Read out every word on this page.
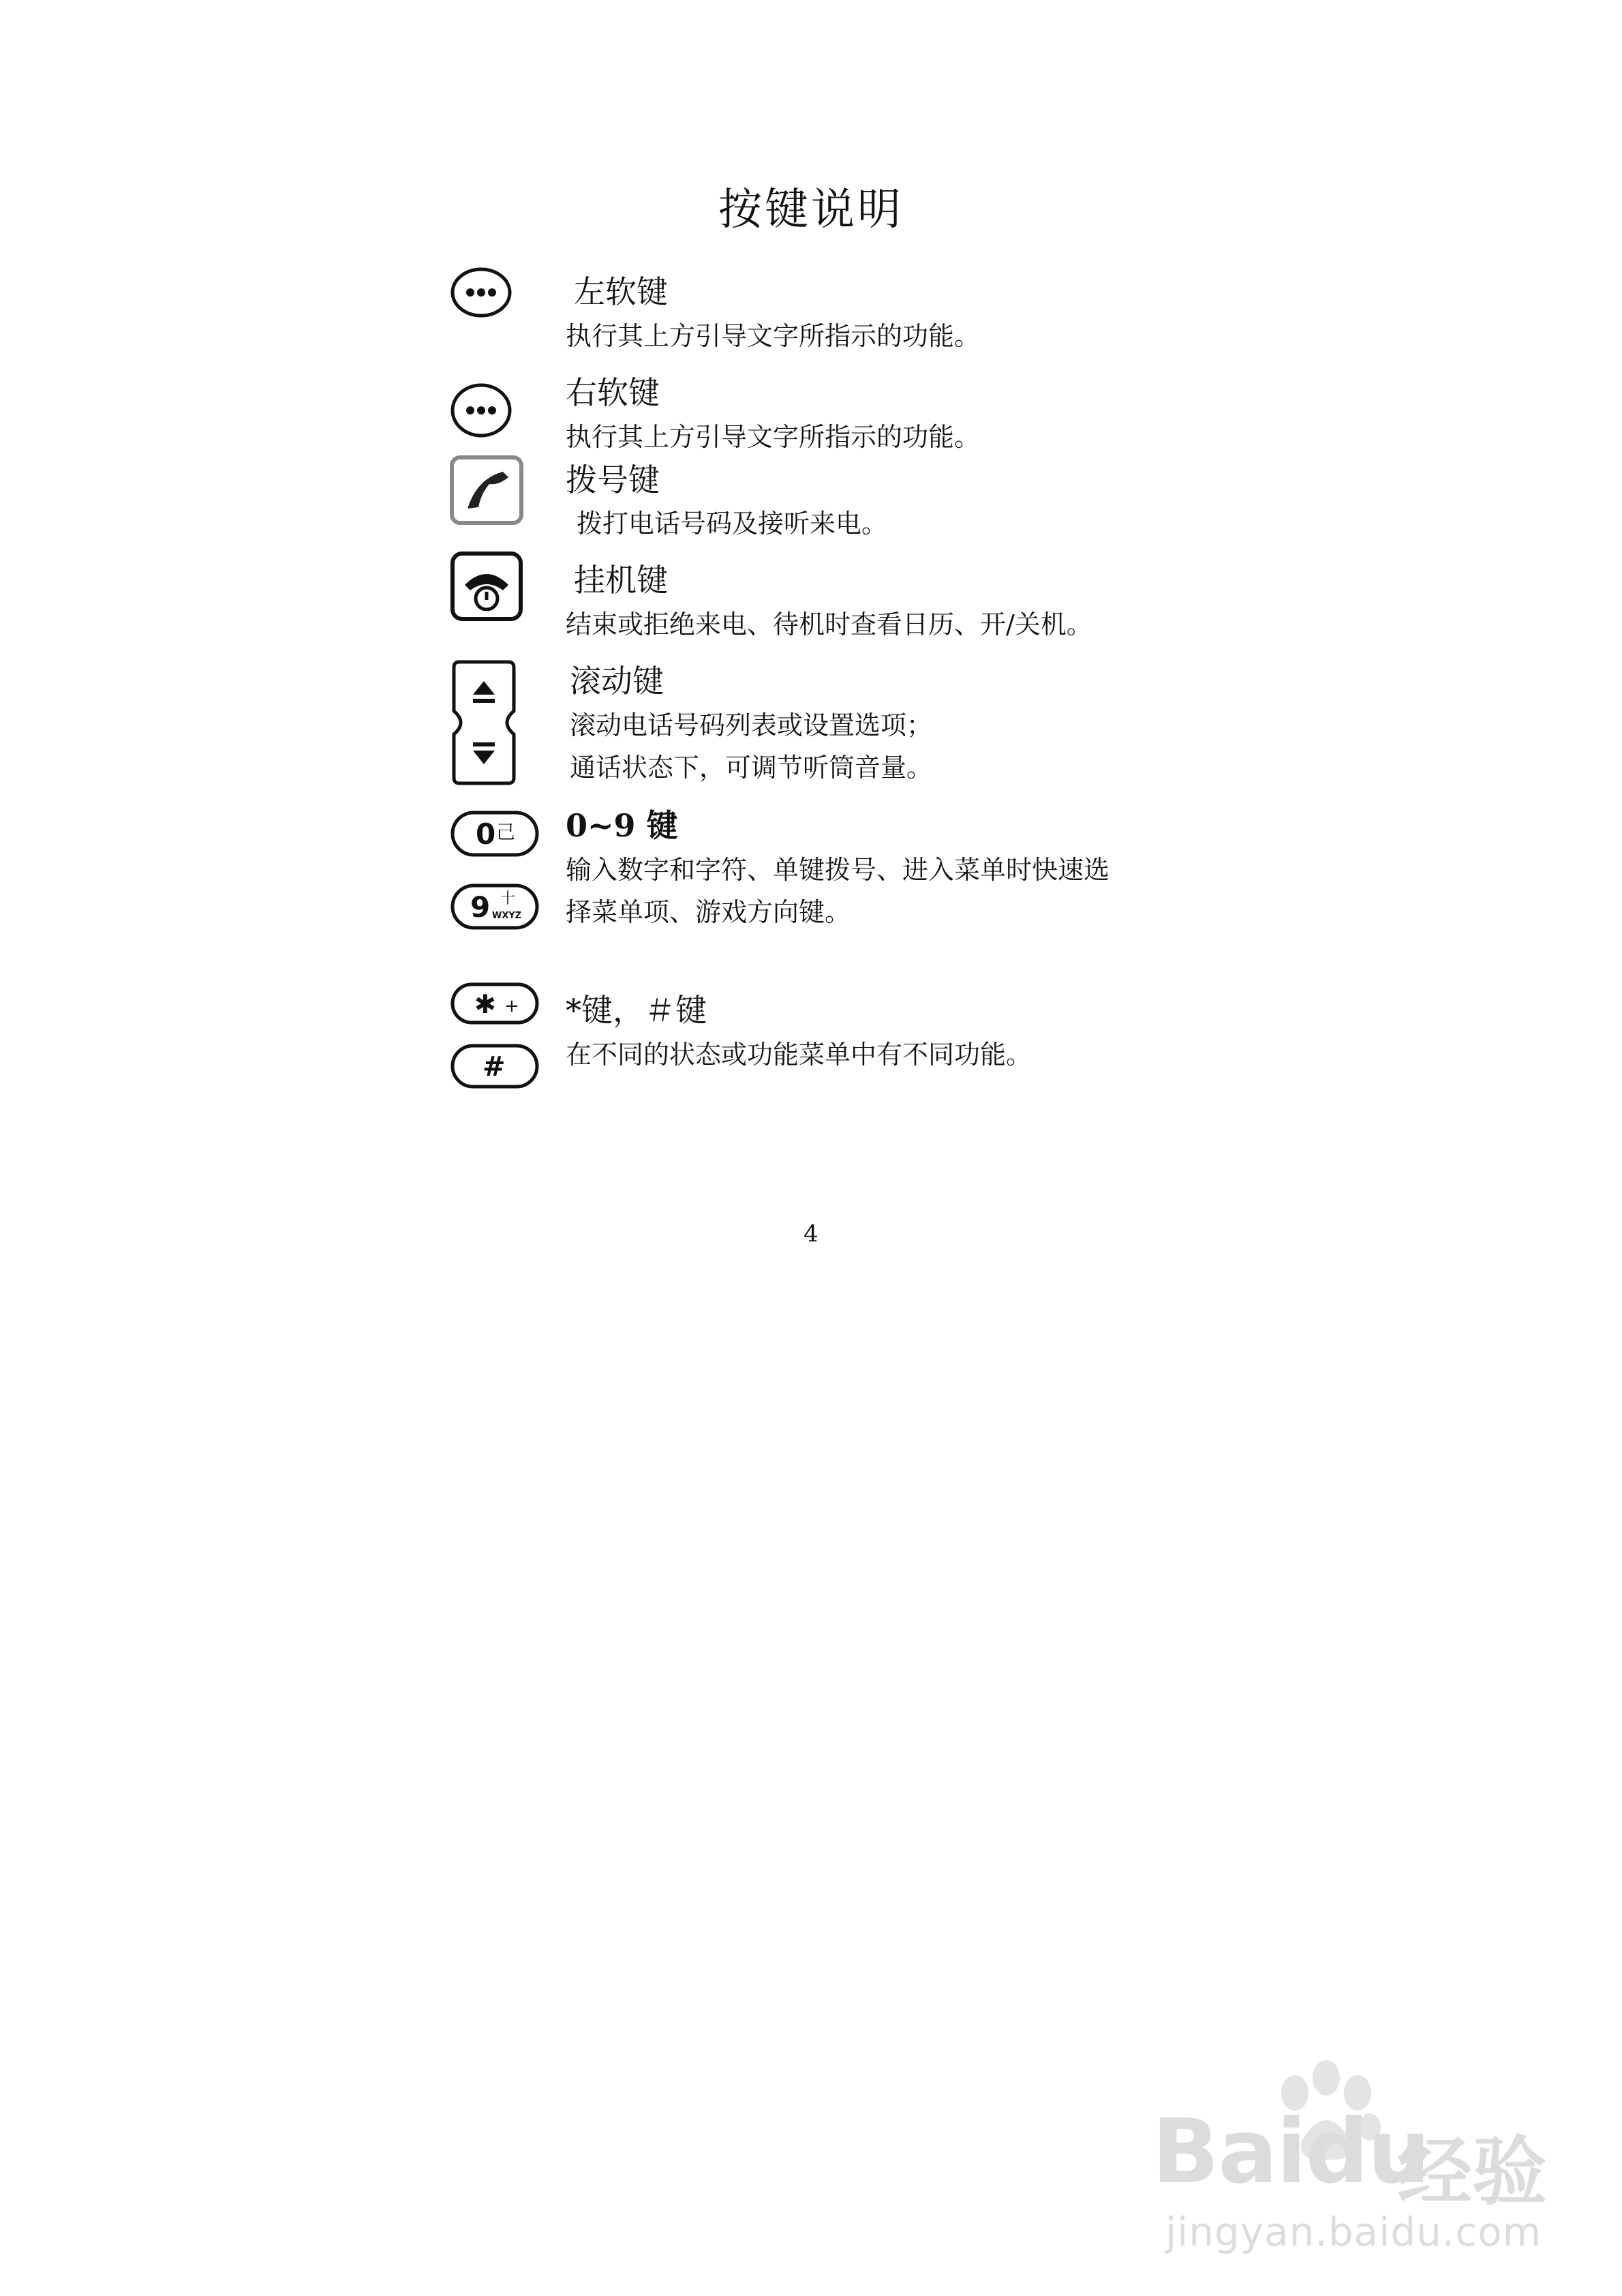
按键说明
左软键
执行其上方引导文字所指示的功能。
右软键
执行其上方引导文字所指示的功能。
拨号键
拨打电话号码及接听来电。
挂机键
结束或拒绝来电、待机时查看日历、开/关机。
滚动键
滚动电话号码列表或设置选项；
通话状态下，可调节听筒音量。
0 己
9 十
WXYZ
0~9 键
输入数字和字符、单键拨号、进入菜单时快速选
择菜单项、游戏方向键。
✱ +
#
*键，＃键
在不同的状态或功能菜单中有不同功能。
4
Baidu
经验
jingyan.baidu.com
